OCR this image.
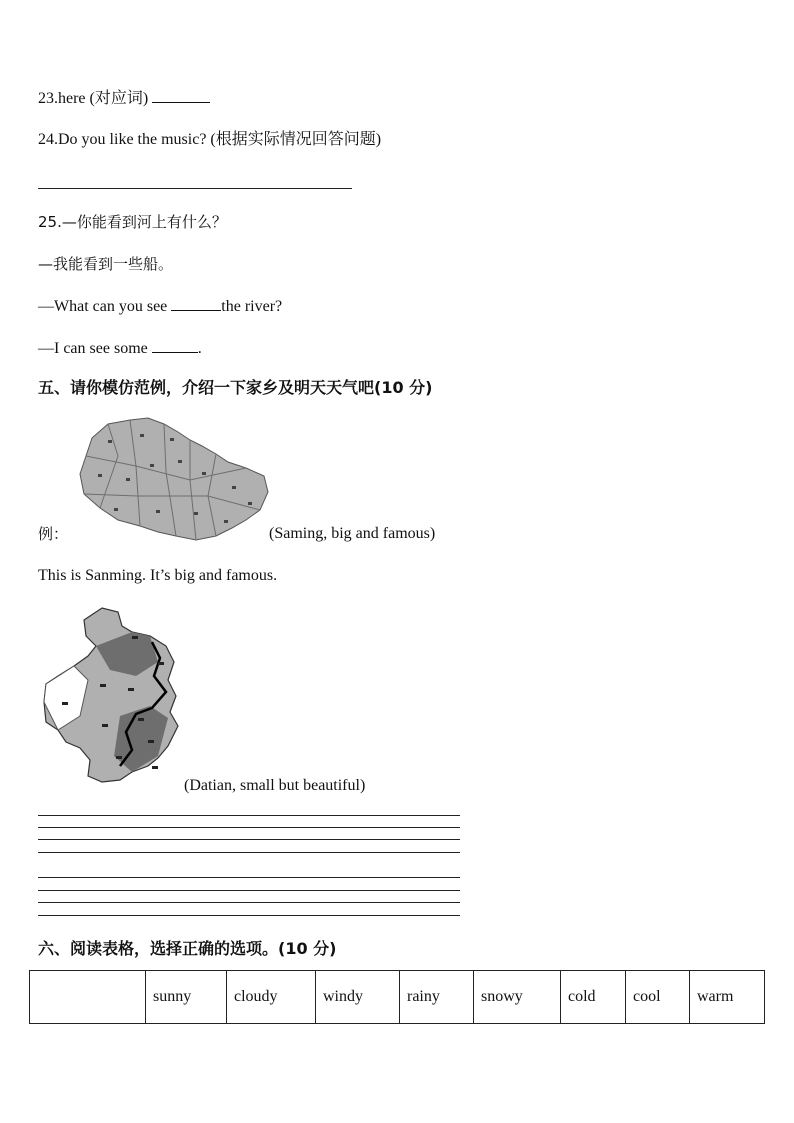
23.here (对应词)
24.Do you like the music? (根据实际情况回答问题)
25.—你能看到河上有什么？
—我能看到一些船。
—What can you see	the river?
—I can see some	.
五、请你模仿范例，介绍一下家乡及明天天气吧(10 分)
例：	(Saming, big and famous)
This is Sanming. It’s big and famous.
(Datian, small but beautiful)
六、阅读表格，选择正确的选项。(10 分)
	sunny	cloudy	windy	rainy	snowy	cold	cool	warm
